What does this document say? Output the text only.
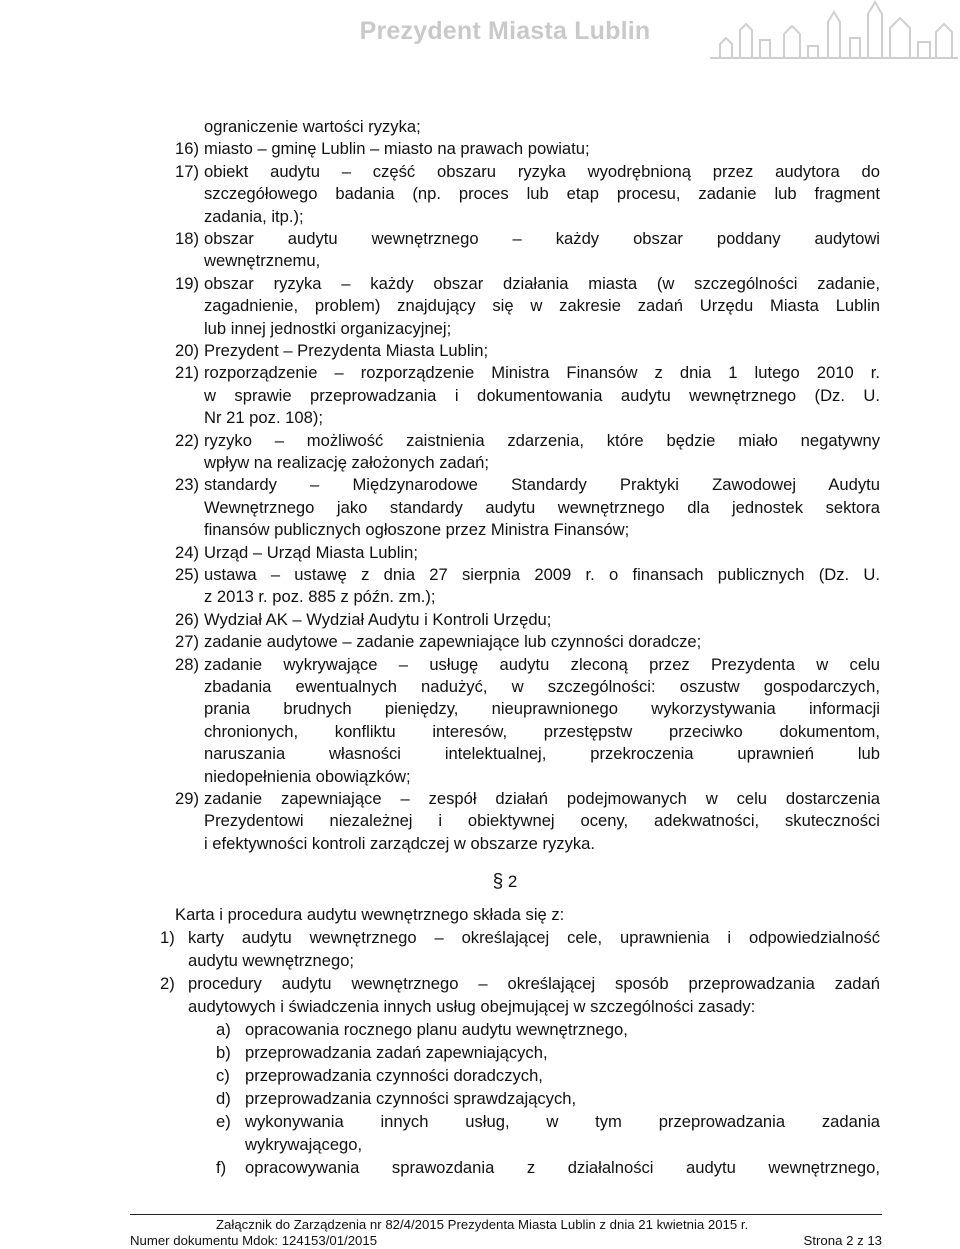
Prezydent Miasta Lublin
ograniczenie wartości ryzyka;
16) miasto – gminę Lublin – miasto na prawach powiatu;
17) obiekt audytu – część obszaru ryzyka wyodrębnioną przez audytora do
szczegółowego badania (np. proces lub etap procesu, zadanie lub fragment
zadania, itp.);
18) obszar audytu wewnętrznego – każdy obszar poddany audytowi
wewnętrznemu,
19) obszar ryzyka – każdy obszar działania miasta (w szczególności zadanie,
zagadnienie, problem) znajdujący się w zakresie zadań Urzędu Miasta Lublin
lub innej jednostki organizacyjnej;
20) Prezydent – Prezydenta Miasta Lublin;
21) rozporządzenie – rozporządzenie Ministra Finansów z dnia 1 lutego 2010 r.
w sprawie przeprowadzania i dokumentowania audytu wewnętrznego (Dz. U.
Nr 21 poz. 108);
22) ryzyko – możliwość zaistnienia zdarzenia, które będzie miało negatywny
wpływ na realizację założonych zadań;
23) standardy – Międzynarodowe Standardy Praktyki Zawodowej Audytu
Wewnętrznego jako standardy audytu wewnętrznego dla jednostek sektora
finansów publicznych ogłoszone przez Ministra Finansów;
24) Urząd – Urząd Miasta Lublin;
25) ustawa – ustawę z dnia 27 sierpnia 2009 r. o finansach publicznych (Dz. U.
z 2013 r. poz. 885 z późn. zm.);
26) Wydział AK – Wydział Audytu i Kontroli Urzędu;
27) zadanie audytowe – zadanie zapewniające lub czynności doradcze;
28) zadanie wykrywające – usługę audytu zleconą przez Prezydenta w celu
zbadania ewentualnych nadużyć, w szczególności: oszustw gospodarczych,
prania brudnych pieniędzy, nieuprawnionego wykorzystywania informacji
chronionych, konfliktu interesów, przestępstw przeciwko dokumentom,
naruszania własności intelektualnej, przekroczenia uprawnień lub
niedopełnienia obowiązków;
29) zadanie zapewniające – zespół działań podejmowanych w celu dostarczenia
Prezydentowi niezależnej i obiektywnej oceny, adekwatności, skuteczności
i efektywności kontroli zarządczej w obszarze ryzyka.
Karta i procedura audytu wewnętrznego składa się z:
1) karty audytu wewnętrznego – określającej cele, uprawnienia i odpowiedzialność
audytu wewnętrznego;
2) procedury audytu wewnętrznego – określającej sposób przeprowadzania zadań
audytowych i świadczenia innych usług obejmującej w szczególności zasady:
a) opracowania rocznego planu audytu wewnętrznego,
b) przeprowadzania zadań zapewniających,
c) przeprowadzania czynności doradczych,
d) przeprowadzania czynności sprawdzających,
e) wykonywania innych usług, w tym przeprowadzania zadania
wykrywającego,
f) opracowywania sprawozdania z działalności audytu wewnętrznego,
§ 2
Załącznik do Zarządzenia nr 82/4/2015 Prezydenta Miasta Lublin z dnia 21 kwietnia 2015 r.
Numer dokumentu Mdok: 124153/01/2015	Strona 2 z 13
